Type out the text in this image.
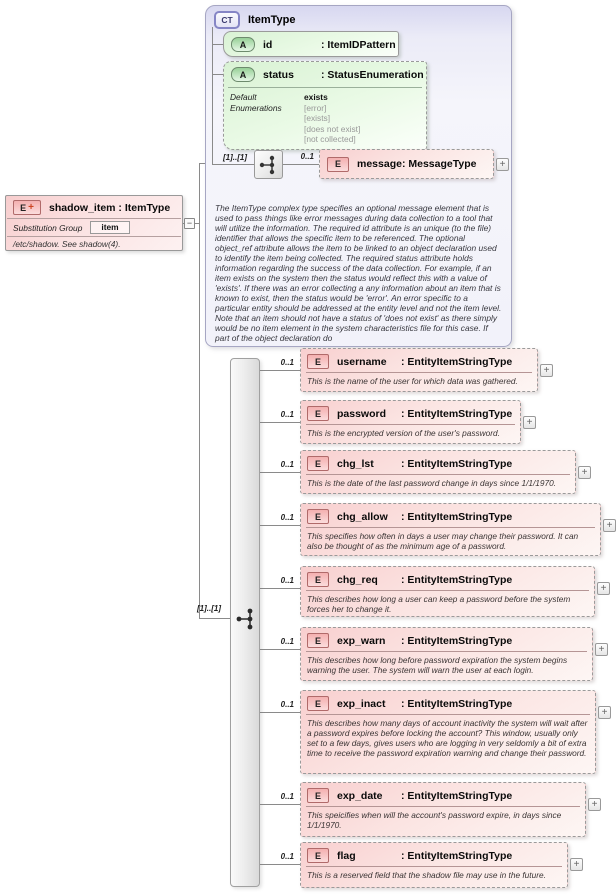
E + shadow_item : ItemType
Substitution Group	item
/etc/shadow. See shadow(4).
−
CT	ItemType
A	id	: ItemIDPattern
A	status	: StatusEnumeration
Default
Enumerations
exists
[error]
[exists]
[does not exist]
[not collected]
[1]..[1]	0..1
E	message : MessageType	+
The ItemType complex type specifies an optional message element that is used to pass things like error messages during data collection to a tool that will utilize the information. The required id attribute is an unique (to the file) identifier that allows the specific item to be referenced. The optional object_ref attribute allows the item to be linked to an object declaration used to identify the item being collected. The required status attribute holds information regarding the success of the data collection. For example, if an item exists on the system then the status would reflect this with a value of 'exists'. If there was an error collecting a any information about an item that is known to exist, then the status would be 'error'. An error specific to a particular entity should be addressed at the entity level and not the item level. Note that an item should not have a status of 'does not exist' as there simply would be no item element in the system characteristics file for this case. If part of the object declaration do
[1]..[1]
0..1	E	username	: EntityItemStringType
This is the name of the user for which data was gathered.
+
0..1	E	password	: EntityItemStringType
This is the encrypted version of the user's password.
+
0..1	E	chg_lst	: EntityItemStringType
This is the date of the last password change in days since 1/1/1970.
+
0..1	E	chg_allow	: EntityItemStringType
This specifies how often in days a user may change their password. It can also be thought of as the minimum age of a password.
+
0..1	E	chg_req	: EntityItemStringType
This describes how long a user can keep a password before the system forces her to change it.
+
0..1	E	exp_warn	: EntityItemStringType
This describes how long before password expiration the system begins warning the user. The system will warn the user at each login.
+
0..1	E	exp_inact	: EntityItemStringType
This describes how many days of account inactivity the system will wait after a password expires before locking the account? This window, usually only set to a few days, gives users who are logging in very seldomly a bit of extra time to receive the password expiration warning and change their password.
+
0..1	E	exp_date	: EntityItemStringType
This speicifies when will the account's password expire, in days since 1/1/1970.
+
0..1	E	flag	: EntityItemStringType
This is a reserved field that the shadow file may use in the future.
+
